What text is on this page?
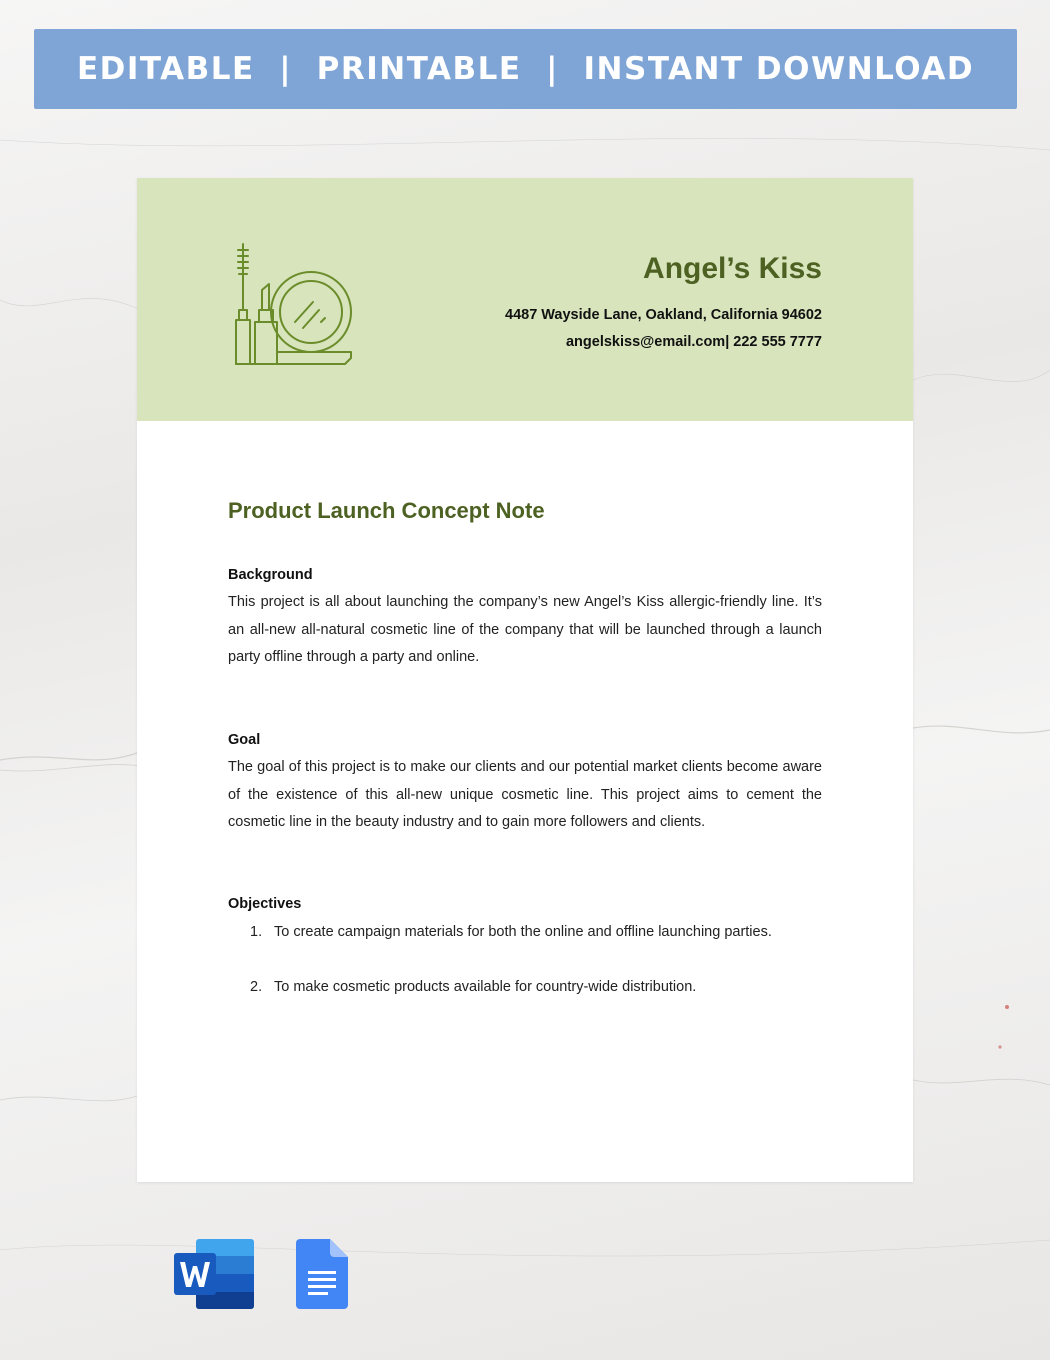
EDITABLE  |  PRINTABLE  |  INSTANT DOWNLOAD
Angel’s Kiss
4487 Wayside Lane, Oakland, California 94602
angelskiss@email.com| 222 555 7777
Product Launch Concept Note
Background

This project is all about launching the company’s new Angel’s Kiss allergic-friendly line. It’s an all-new all-natural cosmetic line of the company that will be launched through a launch party offline through a party and online.

Goal

The goal of this project is to make our clients and our potential market clients become aware of the existence of this all-new unique cosmetic line. This project aims to cement the cosmetic line in the beauty industry and to gain more followers and clients.

Objectives
1. To create campaign materials for both the online and offline launching parties.
2. To make cosmetic products available for country-wide distribution.
